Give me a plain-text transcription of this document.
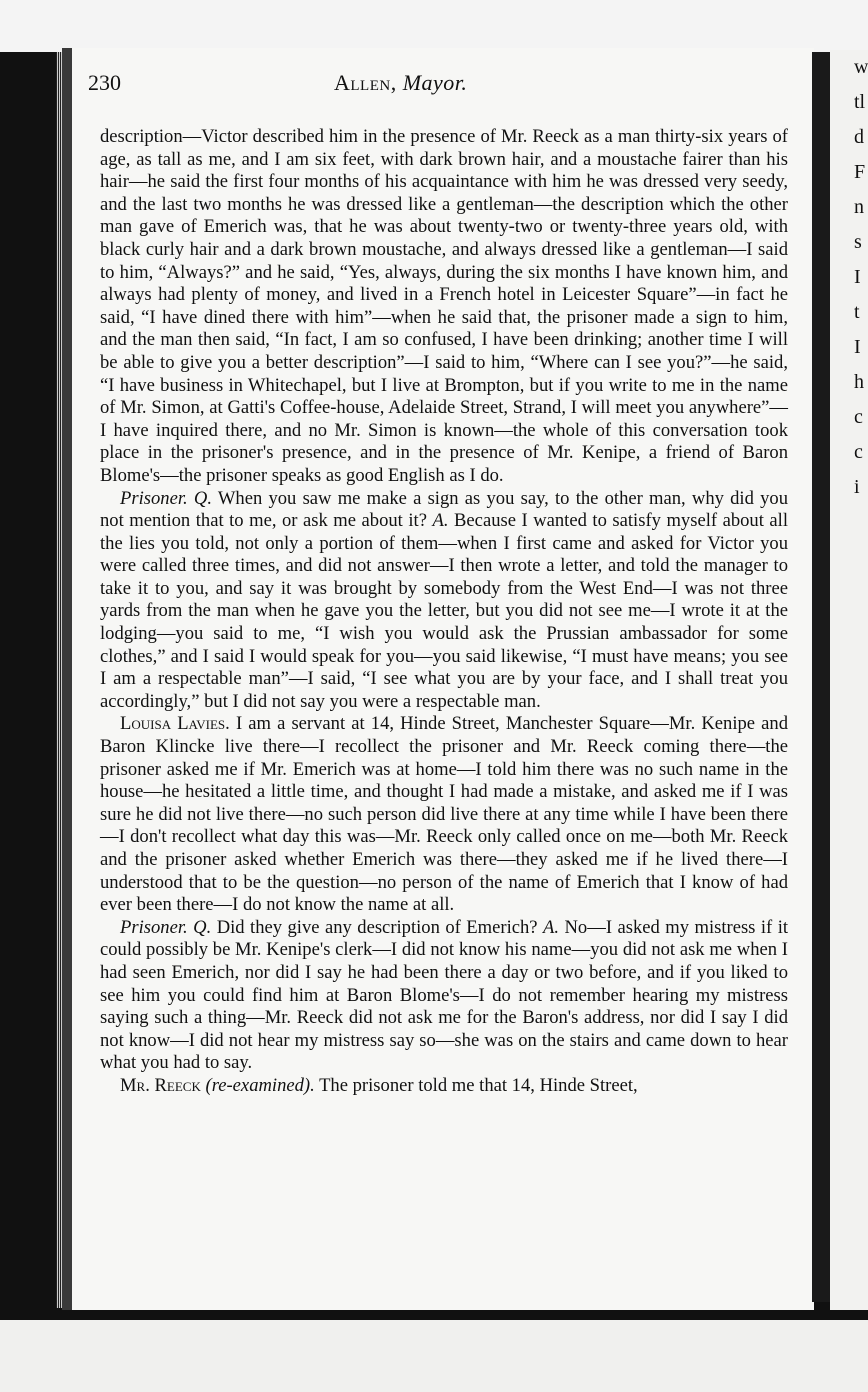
w
tl
d
F
n
s
I
t
I
h
c
c
i
230	Allen, Mayor.

description—Victor described him in the presence of Mr. Reeck as a man thirty-six years of age, as tall as me, and I am six feet, with dark brown hair, and a moustache fairer than his hair—he said the first four months of his acquaintance with him he was dressed very seedy, and the last two months he was dressed like a gentleman—the description which the other man gave of Emerich was, that he was about twenty-two or twenty-three years old, with black curly hair and a dark brown moustache, and always dressed like a gentleman—I said to him, “Always?” and he said, “Yes, always, during the six months I have known him, and always had plenty of money, and lived in a French hotel in Leicester Square”—in fact he said, “I have dined there with him”—when he said that, the prisoner made a sign to him, and the man then said, “In fact, I am so confused, I have been drinking; another time I will be able to give you a better description”—I said to him, “Where can I see you?”—he said, “I have business in Whitechapel, but I live at Brompton, but if you write to me in the name of Mr. Simon, at Gatti's Coffee-house, Adelaide Street, Strand, I will meet you anywhere”—I have inquired there, and no Mr. Simon is known—the whole of this conversation took place in the prisoner's presence, and in the presence of Mr. Kenipe, a friend of Baron Blome's—the prisoner speaks as good English as I do.

Prisoner. Q. When you saw me make a sign as you say, to the other man, why did you not mention that to me, or ask me about it? A. Because I wanted to satisfy myself about all the lies you told, not only a portion of them—when I first came and asked for Victor you were called three times, and did not answer—I then wrote a letter, and told the manager to take it to you, and say it was brought by somebody from the West End—I was not three yards from the man when he gave you the letter, but you did not see me—I wrote it at the lodging—you said to me, “I wish you would ask the Prussian ambassador for some clothes,” and I said I would speak for you—you said likewise, “I must have means; you see I am a respectable man”—I said, “I see what you are by your face, and I shall treat you accordingly,” but I did not say you were a respectable man.

Louisa Lavies. I am a servant at 14, Hinde Street, Manchester Square—Mr. Kenipe and Baron Klincke live there—I recollect the prisoner and Mr. Reeck coming there—the prisoner asked me if Mr. Emerich was at home—I told him there was no such name in the house—he hesitated a little time, and thought I had made a mistake, and asked me if I was sure he did not live there—no such person did live there at any time while I have been there—I don't recollect what day this was—Mr. Reeck only called once on me—both Mr. Reeck and the prisoner asked whether Emerich was there—they asked me if he lived there—I understood that to be the question—no person of the name of Emerich that I know of had ever been there—I do not know the name at all.

Prisoner. Q. Did they give any description of Emerich? A. No—I asked my mistress if it could possibly be Mr. Kenipe's clerk—I did not know his name—you did not ask me when I had seen Emerich, nor did I say he had been there a day or two before, and if you liked to see him you could find him at Baron Blome's—I do not remember hearing my mistress saying such a thing—Mr. Reeck did not ask me for the Baron's address, nor did I say I did not know—I did not hear my mistress say so—she was on the stairs and came down to hear what you had to say.

Mr. Reeck (re-examined). The prisoner told me that 14, Hinde Street,
